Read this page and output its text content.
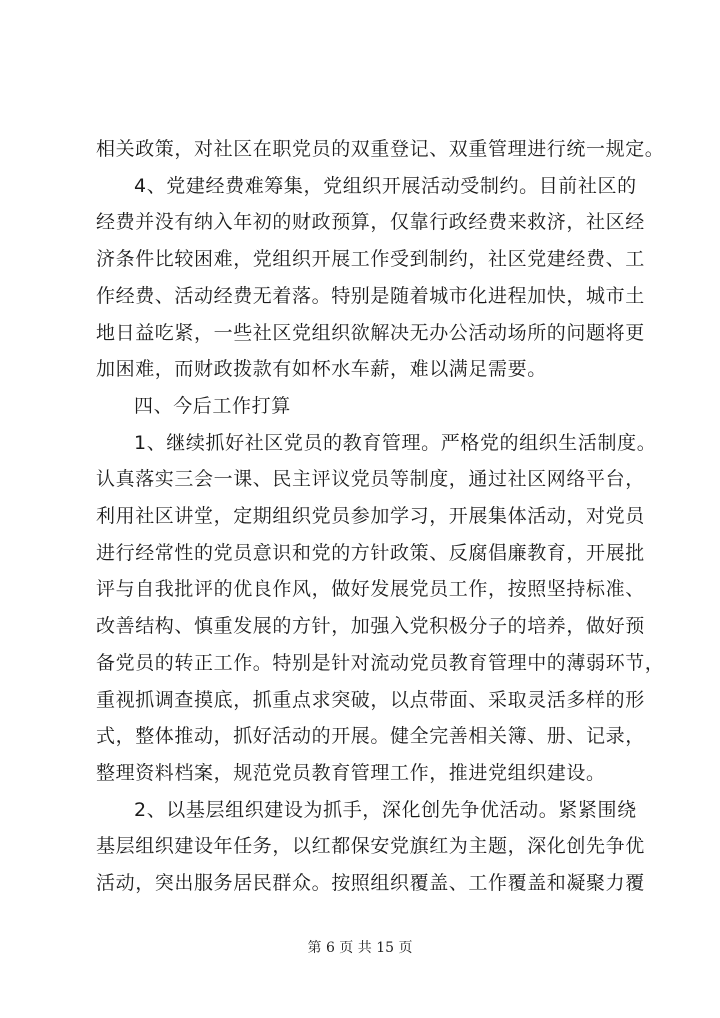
相关政策，对社区在职党员的双重登记、双重管理进行统一规定。
4、党建经费难筹集，党组织开展活动受制约。目前社区的
经费并没有纳入年初的财政预算，仅靠行政经费来救济，社区经
济条件比较困难，党组织开展工作受到制约，社区党建经费、工
作经费、活动经费无着落。特别是随着城市化进程加快，城市土
地日益吃紧，一些社区党组织欲解决无办公活动场所的问题将更
加困难，而财政拨款有如杯水车薪，难以满足需要。
四、今后工作打算
1、继续抓好社区党员的教育管理。严格党的组织生活制度。
认真落实三会一课、民主评议党员等制度，通过社区网络平台，
利用社区讲堂，定期组织党员参加学习，开展集体活动，对党员
进行经常性的党员意识和党的方针政策、反腐倡廉教育，开展批
评与自我批评的优良作风，做好发展党员工作，按照坚持标准、
改善结构、慎重发展的方针，加强入党积极分子的培养，做好预
备党员的转正工作。特别是针对流动党员教育管理中的薄弱环节，
重视抓调查摸底，抓重点求突破，以点带面、采取灵活多样的形
式，整体推动，抓好活动的开展。健全完善相关簿、册、记录，
整理资料档案，规范党员教育管理工作，推进党组织建设。
2、以基层组织建设为抓手，深化创先争优活动。紧紧围绕
基层组织建设年任务，以红都保安党旗红为主题，深化创先争优
活动，突出服务居民群众。按照组织覆盖、工作覆盖和凝聚力覆
第 6 页 共 15 页
